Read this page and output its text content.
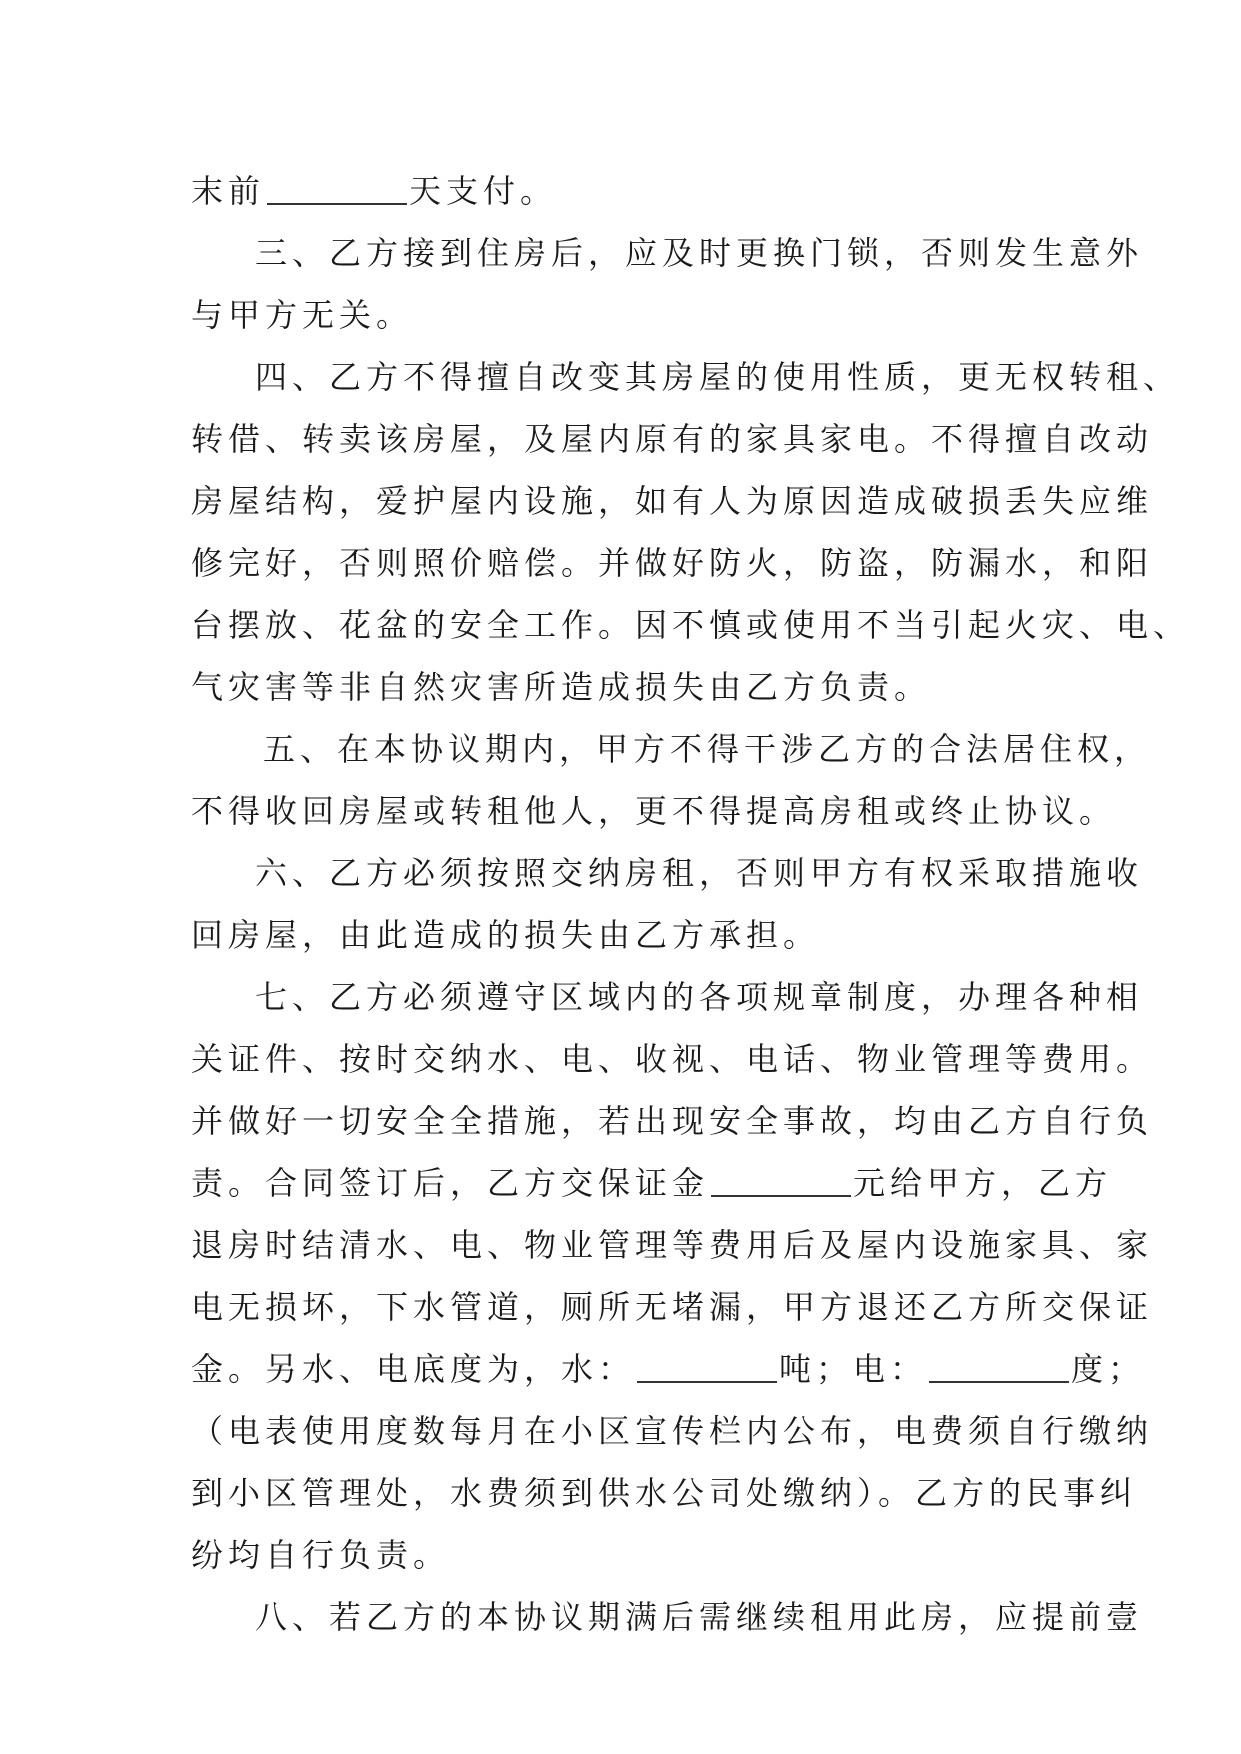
末前	天支付。
三、乙方接到住房后，应及时更换门锁，否则发生意外
与甲方无关。
四、乙方不得擅自改变其房屋的使用性质，更无权转租、
转借、转卖该房屋，及屋内原有的家具家电。不得擅自改动
房屋结构，爱护屋内设施，如有人为原因造成破损丢失应维
修完好，否则照价赔偿。并做好防火，防盗，防漏水，和阳
台摆放、花盆的安全工作。因不慎或使用不当引起火灾、电、
气灾害等非自然灾害所造成损失由乙方负责。
五、在本协议期内，甲方不得干涉乙方的合法居住权，
不得收回房屋或转租他人，更不得提高房租或终止协议。
六、乙方必须按照交纳房租，否则甲方有权采取措施收
回房屋，由此造成的损失由乙方承担。
七、乙方必须遵守区域内的各项规章制度，办理各种相
关证件、按时交纳水、电、收视、电话、物业管理等费用。
并做好一切安全全措施，若出现安全事故，均由乙方自行负
责。合同签订后，乙方交保证金	元给甲方，乙方
退房时结清水、电、物业管理等费用后及屋内设施家具、家
电无损坏，下水管道，厕所无堵漏，甲方退还乙方所交保证
金。另水、电底度为，水：	吨；电：	度；
（电表使用度数每月在小区宣传栏内公布，电费须自行缴纳
到小区管理处，水费须到供水公司处缴纳）。乙方的民事纠
纷均自行负责。
八、若乙方的本协议期满后需继续租用此房，应提前壹
